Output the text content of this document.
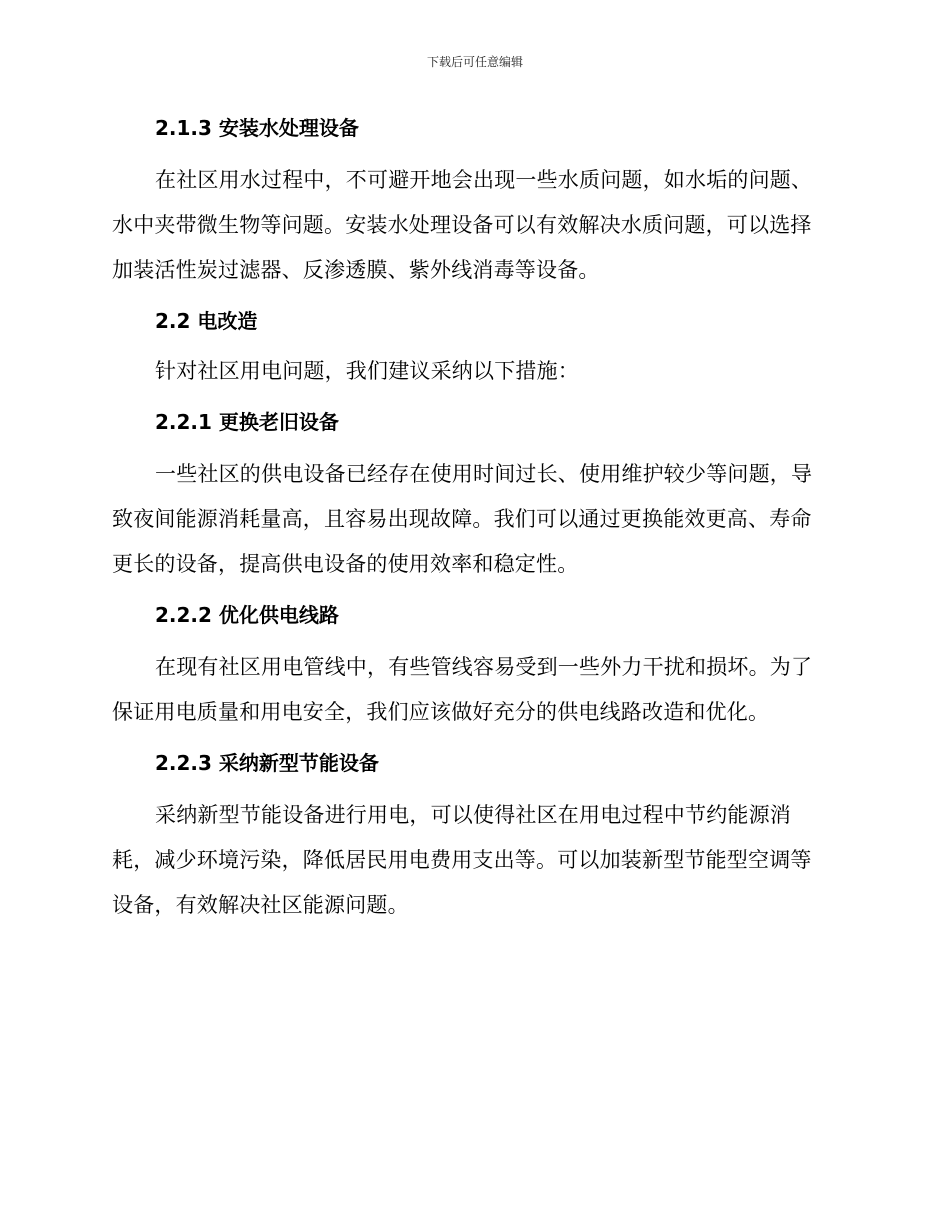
下载后可任意编辑
2.1.3 安装水处理设备
在社区用水过程中，不可避开地会出现一些水质问题，如水垢的问题、
水中夹带微生物等问题。安装水处理设备可以有效解决水质问题，可以选择
加装活性炭过滤器、反渗透膜、紫外线消毒等设备。
2.2 电改造
针对社区用电问题，我们建议采纳以下措施：
2.2.1 更换老旧设备
一些社区的供电设备已经存在使用时间过长、使用维护较少等问题，导
致夜间能源消耗量高，且容易出现故障。我们可以通过更换能效更高、寿命
更长的设备，提高供电设备的使用效率和稳定性。
2.2.2 优化供电线路
在现有社区用电管线中，有些管线容易受到一些外力干扰和损坏。为了
保证用电质量和用电安全，我们应该做好充分的供电线路改造和优化。
2.2.3 采纳新型节能设备
采纳新型节能设备进行用电，可以使得社区在用电过程中节约能源消
耗，减少环境污染，降低居民用电费用支出等。可以加装新型节能型空调等
设备，有效解决社区能源问题。
